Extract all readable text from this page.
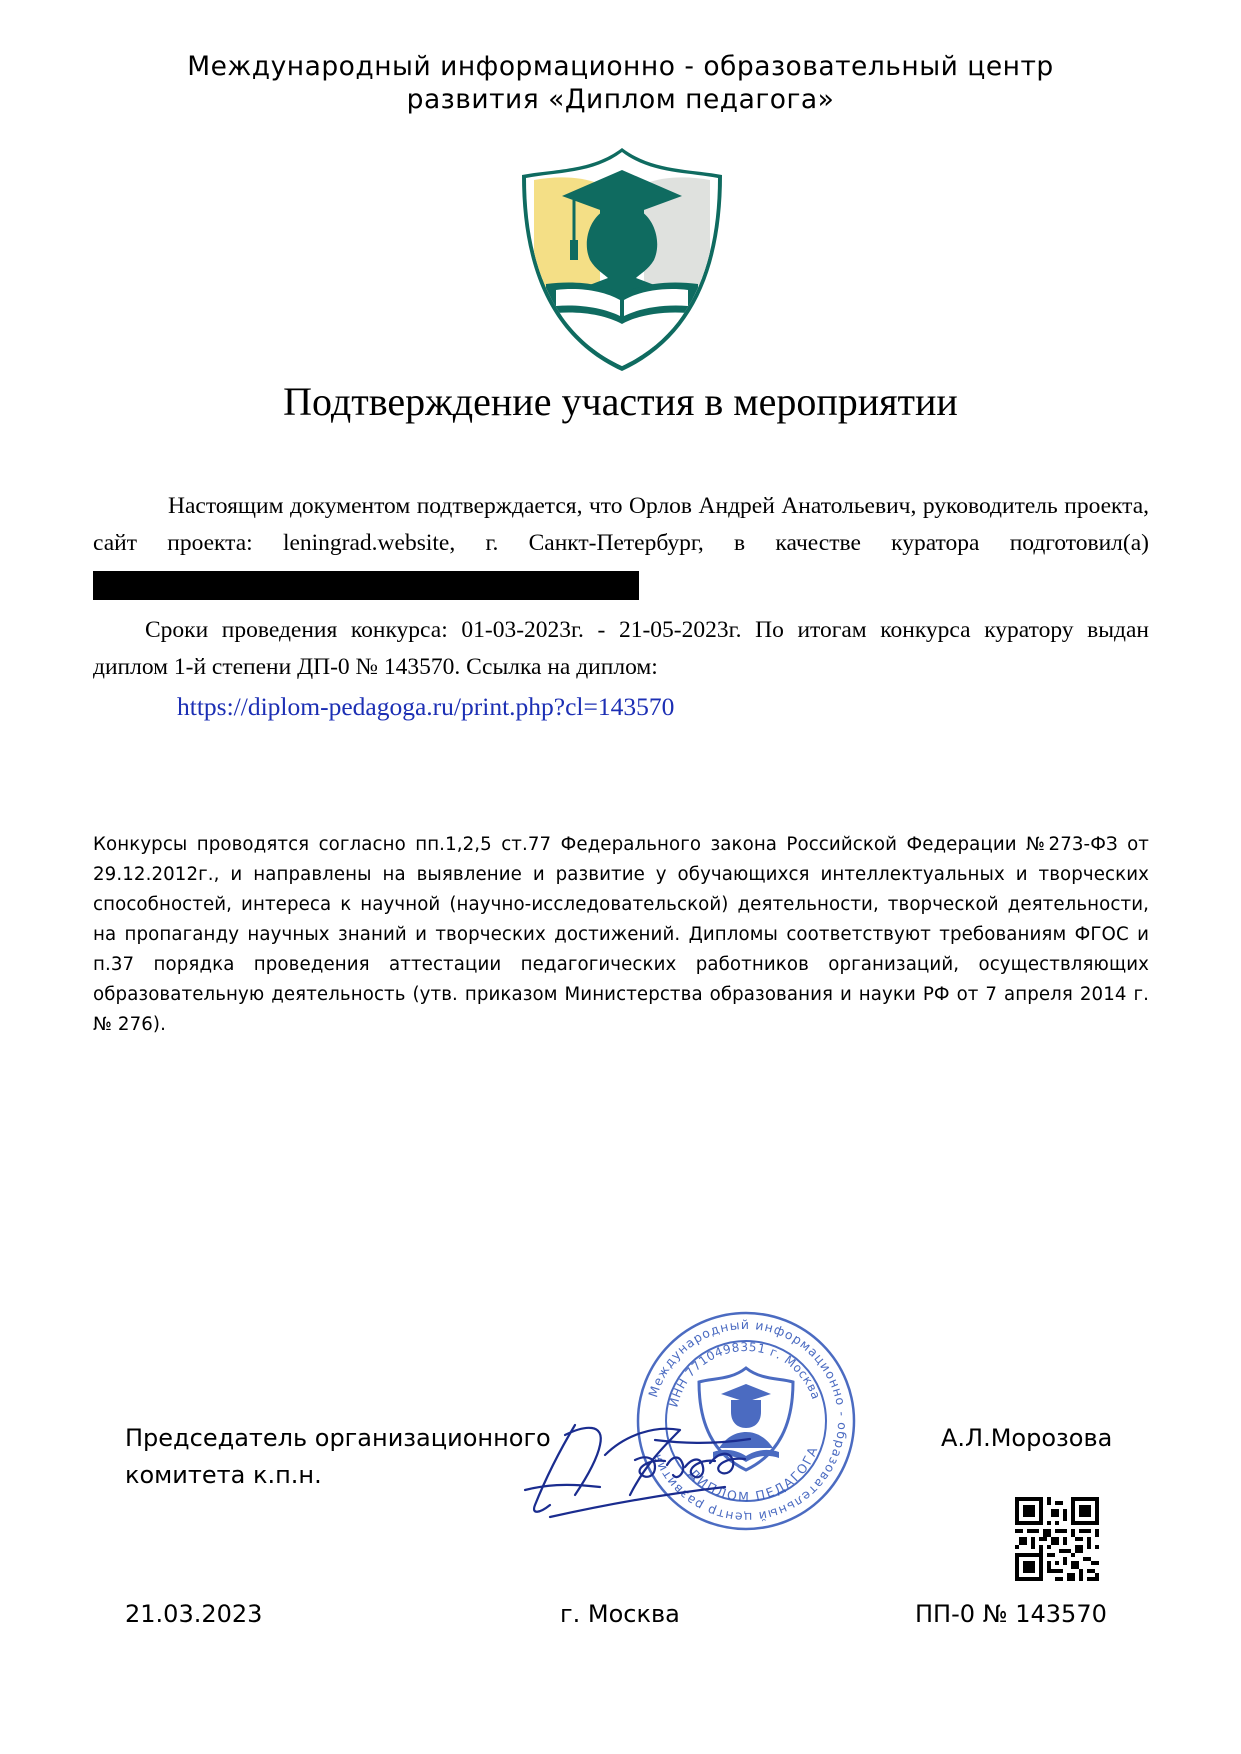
Международный информационно - образовательный центр
развития «Диплом педагога»
Подтверждение участия в мероприятии
Настоящим документом подтверждается, что Орлов Андрей Анатольевич, руководитель проекта, сайт проекта: leningrad.website, г. Санкт-Петербург, в качестве куратора подготовил(а)
Сроки проведения конкурса: 01-03-2023г. - 21-05-2023г. По итогам конкурса куратору выдан
диплом 1-й степени ДП-0 № 143570. Ссылка на диплом:
https://diplom-pedagoga.ru/print.php?cl=143570
Конкурсы проводятся согласно пп.1,2,5 ст.77 Федерального закона Российской Федерации №273-ФЗ от 29.12.2012г., и направлены на выявление и развитие у обучающихся интеллектуальных и творческих способностей, интереса к научной (научно-исследовательской) деятельности, творческой деятельности, на пропаганду научных знаний и творческих достижений. Дипломы соответствуют требованиям ФГОС и п.37 порядка проведения аттестации педагогических работников организаций, осуществляющих образовательную деятельность (утв. приказом Министерства образования и науки РФ от 7 апреля 2014 г. № 276).
Председатель организационного
комитета к.п.н.
А.Л.Морозова
Международный информационно - образовательный центр развития
ИНН 7710498351 г. Москва
ДИПЛОМ ПЕДАГОГА
21.03.2023	г. Москва	ПП-0 № 143570
